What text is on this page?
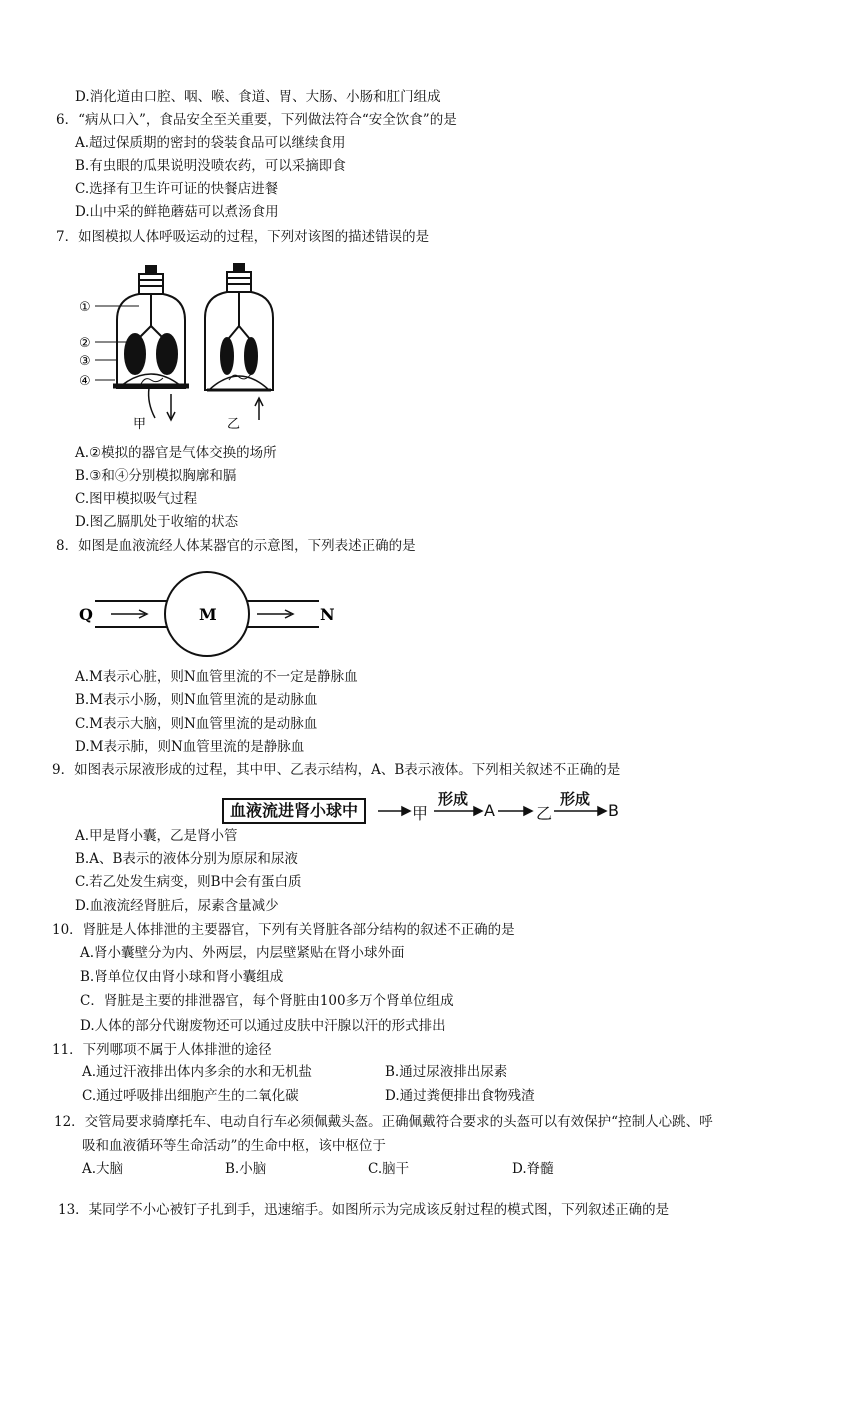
D.消化道由口腔、咽、喉、食道、胃、大肠、小肠和肛门组成
6．“病从口入”，食品安全至关重要，下列做法符合“安全饮食”的是
A.超过保质期的密封的袋装食品可以继续食用
B.有虫眼的瓜果说明没喷农药，可以采摘即食
C.选择有卫生许可证的快餐店进餐
D.山中采的鲜艳蘑菇可以煮汤食用
7．如图模拟人体呼吸运动的过程，下列对该图的描述错误的是
①
②
③
④
甲	乙
A.②模拟的器官是气体交换的场所
B.③和④分别模拟胸廓和膈
C.图甲模拟吸气过程
D.图乙膈肌处于收缩的状态
8．如图是血液流经人体某器官的示意图，下列表述正确的是
Q	M	N
A.M表示心脏，则N血管里流的不一定是静脉血
B.M表示小肠，则N血管里流的是动脉血
C.M表示大脑，则N血管里流的是动脉血
D.M表示肺，则N血管里流的是静脉血
9．如图表示尿液形成的过程，其中甲、乙表示结构，A、B表示液体。下列相关叙述不正确的是
血液流进肾小球中	甲
形成
A	乙
形成
B
A.甲是肾小囊，乙是肾小管
B.A、B表示的液体分别为原尿和尿液
C.若乙处发生病变，则B中会有蛋白质
D.血液流经肾脏后，尿素含量减少
10．肾脏是人体排泄的主要器官，下列有关肾脏各部分结构的叙述不正确的是
A.肾小囊壁分为内、外两层，内层壁紧贴在肾小球外面
B.肾单位仅由肾小球和肾小囊组成
C．肾脏是主要的排泄器官，每个肾脏由100多万个肾单位组成
D.人体的部分代谢废物还可以通过皮肤中汗腺以汗的形式排出
11．下列哪项不属于人体排泄的途径
A.通过汗液排出体内多余的水和无机盐	B.通过尿液排出尿素
C.通过呼吸排出细胞产生的二氧化碳	D.通过粪便排出食物残渣
12．交管局要求骑摩托车、电动自行车必须佩戴头盔。正确佩戴符合要求的头盔可以有效保护“控制人心跳、呼
吸和血液循环等生命活动”的生命中枢，该中枢位于
A.大脑	B.小脑	C.脑干	D.脊髓
13．某同学不小心被钉子扎到手，迅速缩手。如图所示为完成该反射过程的模式图，下列叙述正确的是
